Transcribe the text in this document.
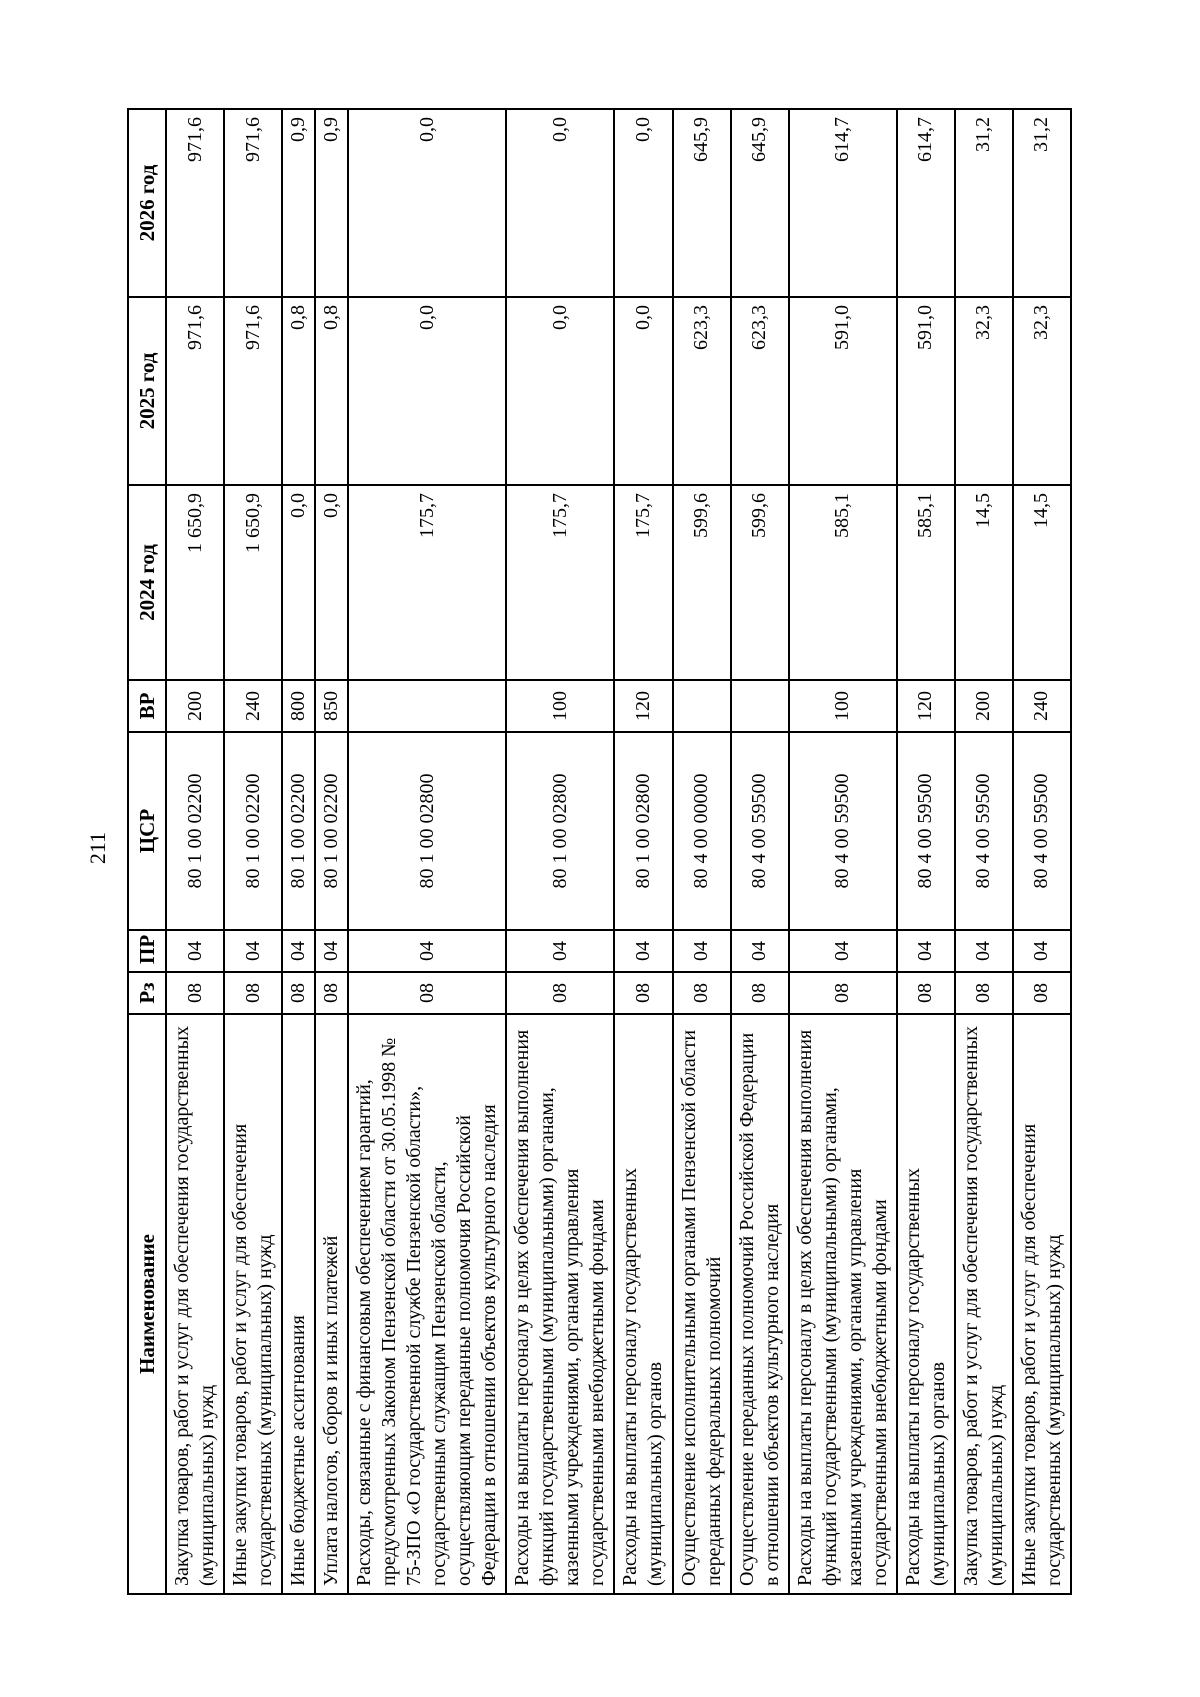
211
Наименование	Рз	ПР	ЦСР	ВР	2024 год	2025 год	2026 год
Закупка товаров, работ и услуг для обеспечения государственных (муниципальных) нужд	08	04	80 1 00 02200	200	1 650,9	971,6	971,6
Иные закупки товаров, работ и услуг для обеспечения государственных (муниципальных) нужд	08	04	80 1 00 02200	240	1 650,9	971,6	971,6
Иные бюджетные ассигнования	08	04	80 1 00 02200	800	0,0	0,8	0,9
Уплата налогов, сборов и иных платежей	08	04	80 1 00 02200	850	0,0	0,8	0,9
Расходы, связанные с финансовым обеспечением гарантий, предусмотренных Законом Пензенской области от 30.05.1998 № 75-ЗПО «О государственной службе Пензенской области», государственным служащим Пензенской области, осуществляющим переданные полномочия Российской Федерации в отношении объектов культурного наследия	08	04	80 1 00 02800		175,7	0,0	0,0
Расходы на выплаты персоналу в целях обеспечения выполнения функций государственными (муниципальными) органами, казенными учреждениями, органами управления государственными внебюджетными фондами	08	04	80 1 00 02800	100	175,7	0,0	0,0
Расходы на выплаты персоналу государственных (муниципальных) органов	08	04	80 1 00 02800	120	175,7	0,0	0,0
Осуществление исполнительными органами Пензенской области переданных федеральных полномочий	08	04	80 4 00 00000		599,6	623,3	645,9
Осуществление переданных полномочий Российской Федерации в отношении объектов культурного наследия	08	04	80 4 00 59500		599,6	623,3	645,9
Расходы на выплаты персоналу в целях обеспечения выполнения функций государственными (муниципальными) органами, казенными учреждениями, органами управления государственными внебюджетными фондами	08	04	80 4 00 59500	100	585,1	591,0	614,7
Расходы на выплаты персоналу государственных (муниципальных) органов	08	04	80 4 00 59500	120	585,1	591,0	614,7
Закупка товаров, работ и услуг для обеспечения государственных (муниципальных) нужд	08	04	80 4 00 59500	200	14,5	32,3	31,2
Иные закупки товаров, работ и услуг для обеспечения государственных (муниципальных) нужд	08	04	80 4 00 59500	240	14,5	32,3	31,2
